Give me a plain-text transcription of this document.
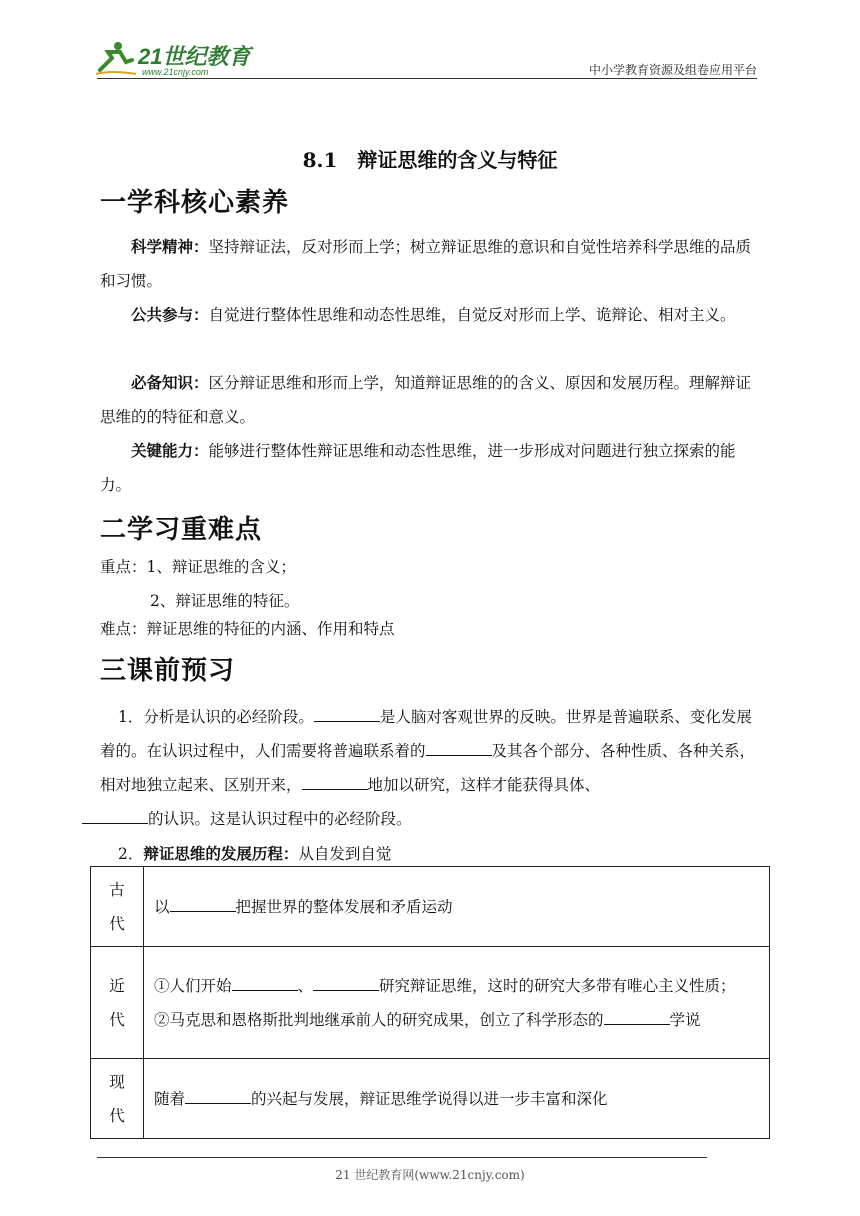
21世纪教育
www.21cnjy.com	中小学教育资源及组卷应用平台
8.1　辩证思维的含义与特征
一学科核心素养
科学精神：坚持辩证法，反对形而上学；树立辩证思维的意识和自觉性培养科学思维的品质和习惯。
公共参与：自觉进行整体性思维和动态性思维，自觉反对形而上学、诡辩论、相对主义。
必备知识：区分辩证思维和形而上学，知道辩证思维的的含义、原因和发展历程。理解辩证思维的的特征和意义。
关键能力：能够进行整体性辩证思维和动态性思维，进一步形成对问题进行独立探索的能力。
二学习重难点
重点：1、辩证思维的含义；
2、辩证思维的特征。
难点：辩证思维的特征的内涵、作用和特点
三课前预习
1．分析是认识的必经阶段。	是人脑对客观世界的反映。世界是普遍联系、变化发展着的。在认识过程中，人们需要将普遍联系着的	及其各个部分、各种性质、各种关系，相对地独立起来、区别开来，	地加以研究，这样才能获得具体、
的认识。这是认识过程中的必经阶段。
2．辩证思维的发展历程：从自发到自觉
古
代	以 把握世界的整体发展和矛盾运动
近
代	①人们开始 、 研究辩证思维，这时的研究大多带有唯心主义性质；
②马克思和恩格斯批判地继承前人的研究成果，创立了科学形态的 学说
现
代	随着 的兴起与发展，辩证思维学说得以进一步丰富和深化
21 世纪教育网(www.21cnjy.com)
